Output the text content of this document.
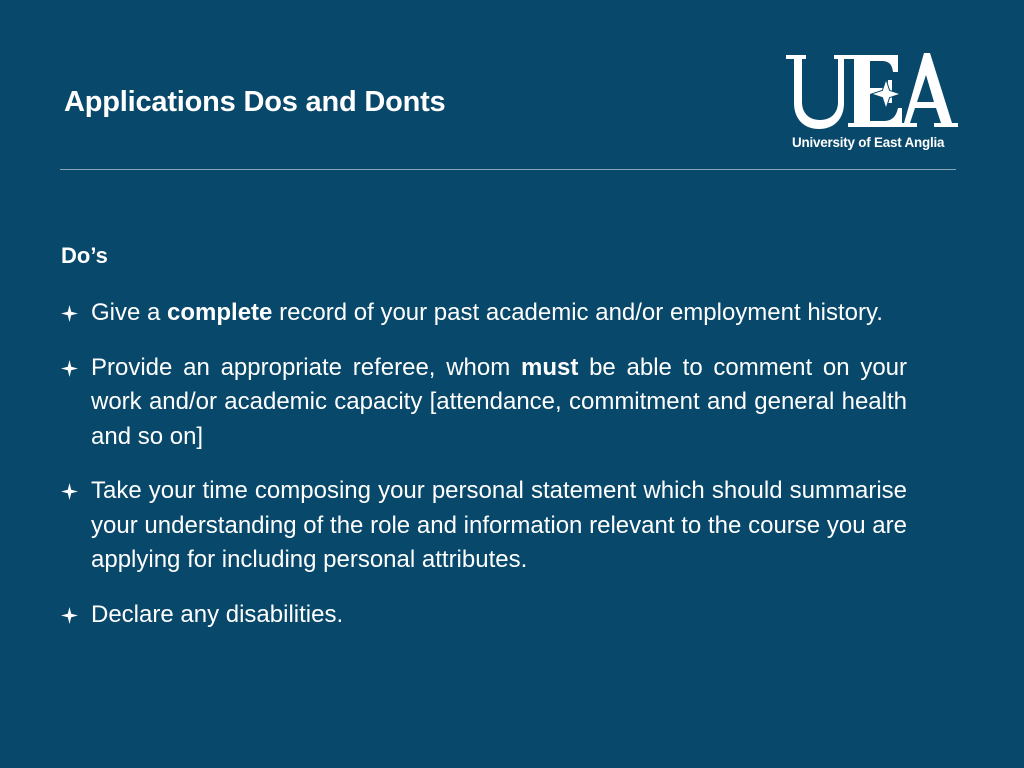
Applications Dos and Donts
University of East Anglia
Do’s
Give a complete record of your past academic and/or employment history.
Provide an appropriate referee, whom must be able to comment on your work and/or academic capacity [attendance, commitment and general health and so on]
Take your time composing your personal statement which should summarise your understanding of the role and information relevant to the course you are applying for including personal attributes.
Declare any disabilities.
